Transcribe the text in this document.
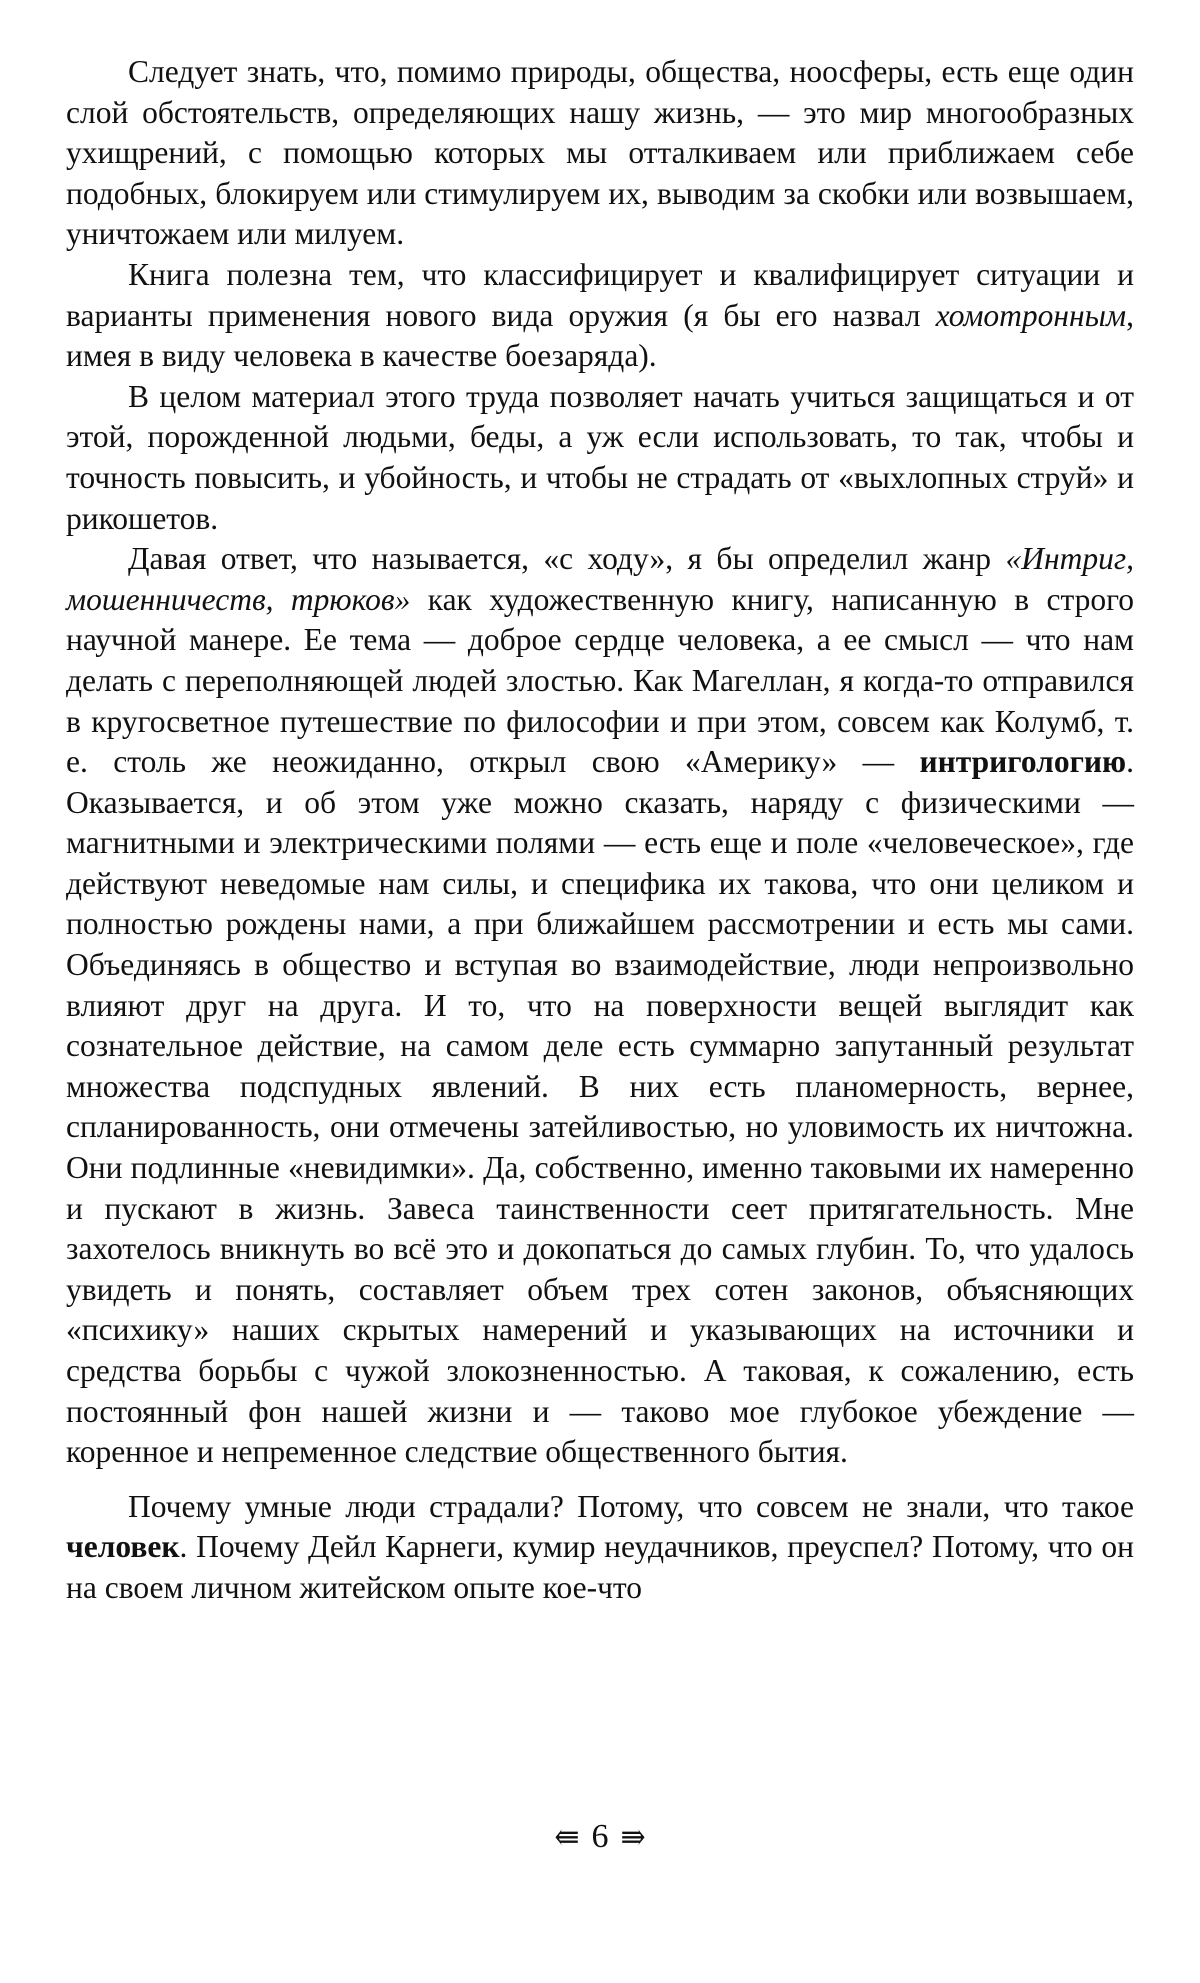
Следует знать, что, помимо природы, общества, ноосферы, есть еще один слой обстоятельств, определяющих нашу жизнь, — это мир многообразных ухищрений, с помощью которых мы отталкиваем или приближаем себе подобных, блокируем или стимулируем их, выводим за скобки или возвышаем, уничтожаем или милуем.

Книга полезна тем, что классифицирует и квалифицирует ситуации и варианты применения нового вида оружия (я бы его назвал хомотронным, имея в виду человека в качестве боезаряда).

В целом материал этого труда позволяет начать учиться защищаться и от этой, порожденной людьми, беды, а уж если использовать, то так, чтобы и точность повысить, и убойность, и чтобы не страдать от «выхлопных струй» и рикошетов.

Давая ответ, что называется, «с ходу», я бы определил жанр «Интриг, мошенничеств, трюков» как художественную книгу, написанную в строго научной манере. Ее тема — доброе сердце человека, а ее смысл — что нам делать с переполняющей людей злостью. Как Магеллан, я когда-то отправился в кругосветное путешествие по философии и при этом, совсем как Колумб, т. е. столь же неожиданно, открыл свою «Америку» — интригологию. Оказывается, и об этом уже можно сказать, наряду с физическими — магнитными и электрическими полями — есть еще и поле «человеческое», где действуют неведомые нам силы, и специфика их такова, что они целиком и полностью рождены нами, а при ближайшем рассмотрении и есть мы сами. Объединяясь в общество и вступая во взаимодействие, люди непроизвольно влияют друг на друга. И то, что на поверхности вещей выглядит как сознательное действие, на самом деле есть суммарно запутанный результат множества подспудных явлений. В них есть планомерность, вернее, спланированность, они отмечены затейливостью, но уловимость их ничтожна. Они подлинные «невидимки». Да, собственно, именно таковыми их намеренно и пускают в жизнь. Завеса таинственности сеет притягательность. Мне захотелось вникнуть во всё это и докопаться до самых глубин. То, что удалось увидеть и понять, составляет объем трех сотен законов, объясняющих «психику» наших скрытых намерений и указывающих на источники и средства борьбы с чужой злокозненностью. А таковая, к сожалению, есть постоянный фон нашей жизни и — таково мое глубокое убеждение — коренное и непременное следствие общественного бытия.

Почему умные люди страдали? Потому, что совсем не знали, что такое человек. Почему Дейл Карнеги, кумир неудачников, преуспел? Потому, что он на своем личном житейском опыте кое-что

⇚ 6 ⇛
